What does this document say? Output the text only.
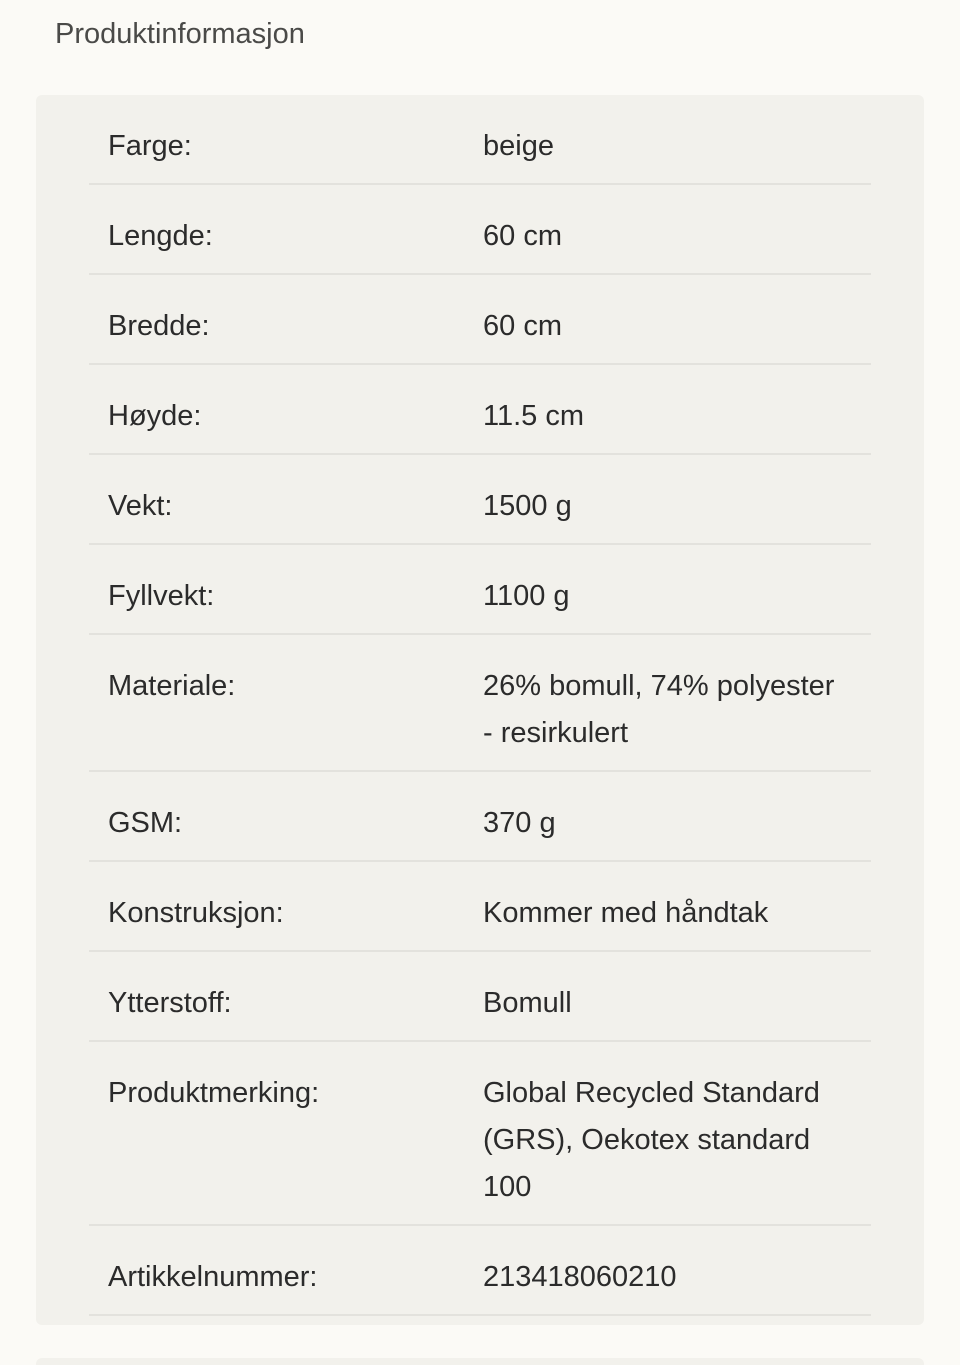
Produktinformasjon
Farge:	beige

Lengde:	60 cm

Bredde:	60 cm

Høyde:	11.5 cm

Vekt:	1500 g

Fyllvekt:	1100 g

Materiale:	26% bomull, 74% polyester - resirkulert

GSM:	370 g

Konstruksjon:	Kommer med håndtak

Ytterstoff:	Bomull

Produktmerking:	Global Recycled Standard (GRS), Oekotex standard 100

Artikkelnummer:	213418060210
